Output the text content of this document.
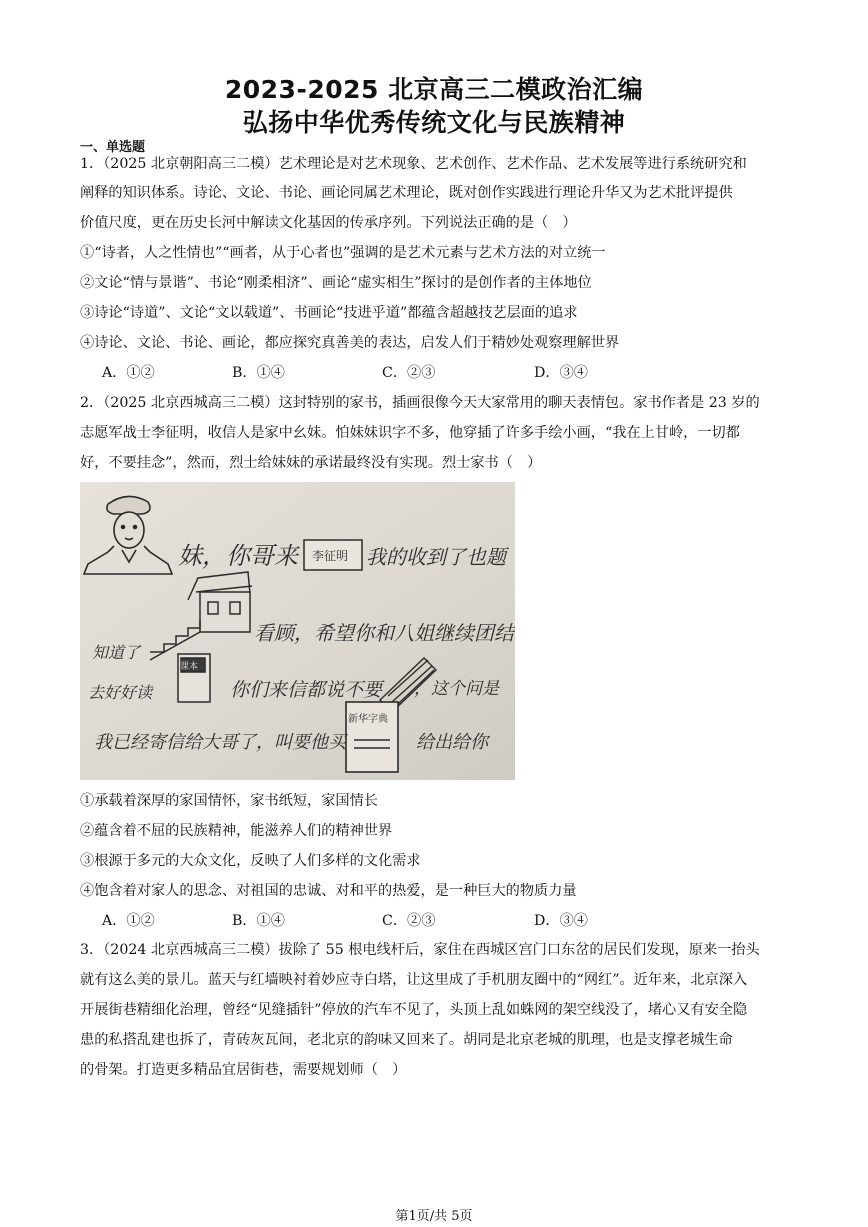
2023-2025 北京高三二模政治汇编
弘扬中华优秀传统文化与民族精神
一、单选题
1．（2025 北京朝阳高三二模）艺术理论是对艺术现象、艺术创作、艺术作品、艺术发展等进行系统研究和
阐释的知识体系。诗论、文论、书论、画论同属艺术理论，既对创作实践进行理论升华又为艺术批评提供
价值尺度，更在历史长河中解读文化基因的传承序列。下列说法正确的是（　）
①“诗者，人之性情也”“画者，从于心者也”强调的是艺术元素与艺术方法的对立统一
②文论“情与景谐”、书论“刚柔相济”、画论“虚实相生”探讨的是创作者的主体地位
③诗论“诗道”、文论“文以载道”、书画论“技进乎道”都蕴含超越技艺层面的追求
④诗论、文论、书论、画论，都应探究真善美的表达，启发人们于精妙处观察理解世界
A．①②	B．①④	C．②③	D．③④
2．（2025 北京西城高三二模）这封特别的家书，插画很像今天大家常用的聊天表情包。家书作者是 23 岁的
志愿军战士李征明，收信人是家中幺妹。怕妹妹识字不多，他穿插了许多手绘小画，“我在上甘岭，一切都
好，不要挂念”，然而，烈士给妹妹的承诺最终没有实现。烈士家书（　）
妹，你哥来 李征明 我的收到了也题
知道了
看顾，希望你和八姐继续团结下
去好好读
课本
你们来信都说不要 ，这个问是
新华字典
我已经寄信给大哥了，叫要他买	给出给你
①承载着深厚的家国情怀，家书纸短，家国情长
②蕴含着不屈的民族精神，能滋养人们的精神世界
③根源于多元的大众文化，反映了人们多样的文化需求
④饱含着对家人的思念、对祖国的忠诚、对和平的热爱，是一种巨大的物质力量
A．①②	B．①④	C．②③	D．③④
3．（2024 北京西城高三二模）拔除了 55 根电线杆后，家住在西城区宫门口东岔的居民们发现，原来一抬头
就有这么美的景儿。蓝天与红墙映衬着妙应寺白塔，让这里成了手机朋友圈中的“网红”。近年来，北京深入
开展街巷精细化治理，曾经“见缝插针”停放的汽车不见了，头顶上乱如蛛网的架空线没了，堵心又有安全隐
患的私搭乱建也拆了，青砖灰瓦间，老北京的韵味又回来了。胡同是北京老城的肌理，也是支撑老城生命
的骨架。打造更多精品宜居街巷，需要规划师（　）
第1页/共 5页
